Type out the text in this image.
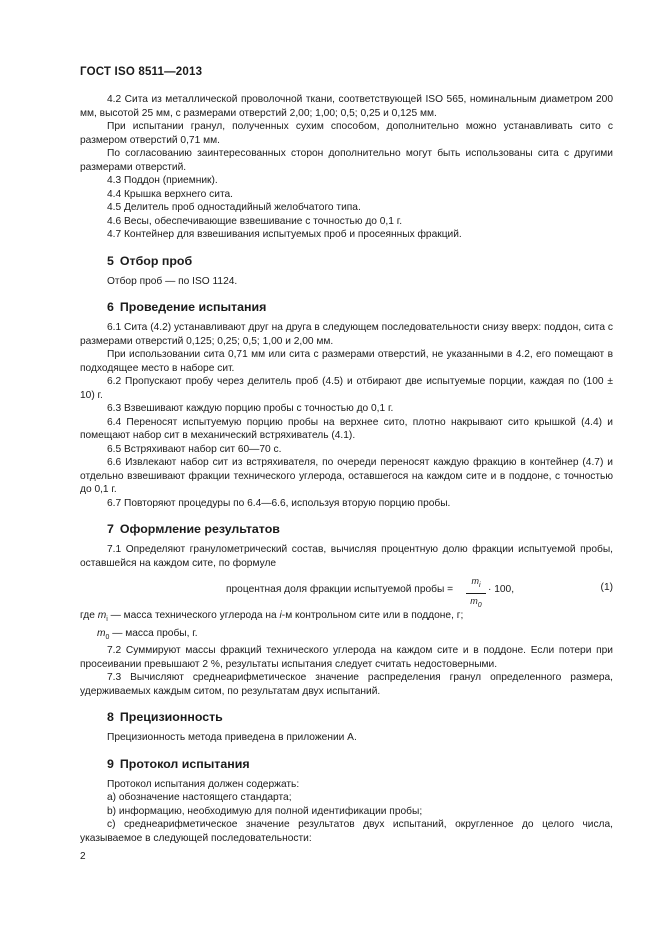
ГОСТ ISO 8511—2013

4.2 Сита из металлической проволочной ткани, соответствующей ISO 565, номинальным диаметром 200 мм, высотой 25 мм, с размерами отверстий 2,00; 1,00; 0,5; 0,25 и 0,125 мм.

При испытании гранул, полученных сухим способом, дополнительно можно устанавливать сито с размером отверстий 0,71 мм.

По согласованию заинтересованных сторон дополнительно могут быть использованы сита с другими размерами отверстий.

4.3 Поддон (приемник).

4.4 Крышка верхнего сита.

4.5 Делитель проб одностадийный желобчатого типа.

4.6 Весы, обеспечивающие взвешивание с точностью до 0,1 г.

4.7 Контейнер для взвешивания испытуемых проб и просеянных фракций.

5 Отбор проб

Отбор проб — по ISO 1124.

6 Проведение испытания

6.1 Сита (4.2) устанавливают друг на друга в следующем последовательности снизу вверх: поддон, сита с размерами отверстий 0,125; 0,25; 0,5; 1,00 и 2,00 мм.

При использовании сита 0,71 мм или сита с размерами отверстий, не указанными в 4.2, его помещают в подходящее место в наборе сит.

6.2 Пропускают пробу через делитель проб (4.5) и отбирают две испытуемые порции, каждая по (100 ± 10) г.

6.3 Взвешивают каждую порцию пробы с точностью до 0,1 г.

6.4 Переносят испытуемую порцию пробы на верхнее сито, плотно накрывают сито крышкой (4.4) и помещают набор сит в механический встряхиватель (4.1).

6.5 Встряхивают набор сит 60—70 с.

6.6 Извлекают набор сит из встряхивателя, по очереди переносят каждую фракцию в контейнер (4.7) и отдельно взвешивают фракции технического углерода, оставшегося на каждом сите и в поддоне, с точностью до 0,1 г.

6.7 Повторяют процедуры по 6.4—6.6, используя вторую порцию пробы.

7 Оформление результатов

7.1 Определяют гранулометрический состав, вычисляя процентную долю фракции испытуемой пробы, оставшейся на каждом сите, по формуле

процентная доля фракции испытуемой пробы =
$m_i$
$m_0$
· 100,	(1)

где $m_i$ — масса технического углерода на i-м контрольном сите или в поддоне, г;

$m_0$ — масса пробы, г.

7.2 Суммируют массы фракций технического углерода на каждом сите и в поддоне. Если потери при просеивании превышают 2 %, результаты испытания следует считать недостоверными.

7.3 Вычисляют среднеарифметическое значение распределения гранул определенного размера, удерживаемых каждым ситом, по результатам двух испытаний.

8 Прецизионность

Прецизионность метода приведена в приложении А.

9 Протокол испытания

Протокол испытания должен содержать:

a) обозначение настоящего стандарта;

b) информацию, необходимую для полной идентификации пробы;

c) среднеарифметическое значение результатов двух испытаний, округленное до целого числа, указываемое в следующей последовательности:

2
